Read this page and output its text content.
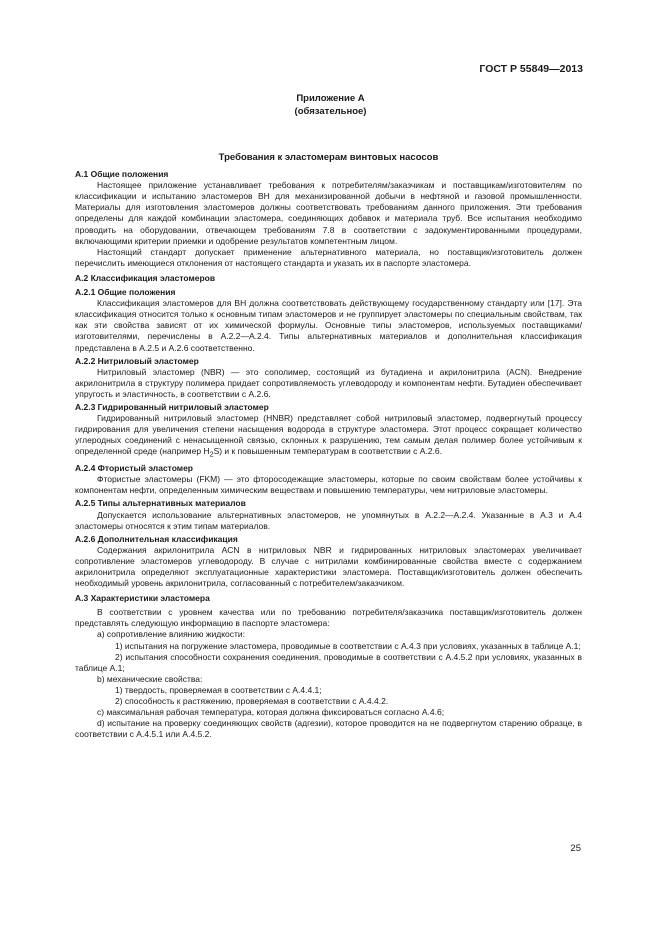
ГОСТ Р 55849—2013
Приложение А
(обязательное)
Требования к эластомерам винтовых насосов

А.1 Общие положения

Настоящее приложение устанавливает требования к потребителям/заказчикам и поставщикам/изготовителям по классификации и испытанию эластомеров ВН для механизированной добычи в нефтяной и газовой промышленности. Материалы для изготовления эластомеров должны соответствовать требованиям данного приложения. Эти требования определены для каждой комбинации эластомера, соединяющих добавок и материала труб. Все испытания необходимо проводить на оборудовании, отвечающем требованиям 7.8 в соответствии с задокументированными процедурами, включающими критерии приемки и одобрение результатов компетентным лицом.

Настоящий стандарт допускает применение альтернативного материала, но поставщик/изготовитель должен перечислить имеющиеся отклонения от настоящего стандарта и указать их в паспорте эластомера.

А.2 Классификация эластомеров

А.2.1 Общие положения

Классификация эластомеров для ВН должна соответствовать действующему государственному стандарту или [17]. Эта классификация относится только к основным типам эластомеров и не группирует эластомеры по специальным свойствам, так как эти свойства зависят от их химической формулы. Основные типы эластомеров, используемых поставщиками/изготовителями, перечислены в А.2.2—А.2.4. Типы альтернативных материалов и дополнительная классификация представлена в А.2.5 и А.2.6 соответственно.

А.2.2 Нитриловый эластомер

Нитриловый эластомер (NBR) — это сополимер, состоящий из бутадиена и акрилонитрила (ACN). Внедрение акрилонитрила в структуру полимера придает сопротивляемость углеводороду и компонентам нефти. Бутадиен обеспечивает упругость и эластичность, в соответствии с А.2.6.

А.2.3 Гидрированный нитриловый эластомер

Гидрированный нитриловый эластомер (HNBR) представляет собой нитриловый эластомер, подвергнутый процессу гидрирования для увеличения степени насыщения водорода в структуре эластомера. Этот процесс сокращает количество углеродных соединений с ненасыщенной связью, склонных к разрушению, тем самым делая полимер более устойчивым к определенной среде (например $H_2S$) и к повышенным температурам в соответствии с А.2.6.

А.2.4 Фтористый эластомер

Фтористые эластомеры (FKM) — это фторосодежащие эластомеры, которые по своим свойствам более устойчивы к компонентам нефти, определенным химическим веществам и повышению температуры, чем нитриловые эластомеры.

А.2.5 Типы альтернативных материалов

Допускается использование альтернативных эластомеров, не упомянутых в А.2.2—А.2.4. Указанные в А.3 и А.4 эластомеры относятся к этим типам материалов.

А.2.6 Дополнительная классификация

Содержания акрилонитрила ACN в нитриловых NBR и гидрированных нитриловых эластомерах увеличивает сопротивление эластомеров углеводороду. В случае с нитрилами комбинированные свойства вместе с содержанием акрилонитрила определяют эксплуатационные характеристики эластомера. Поставщик/изготовитель должен обеспечить необходимый уровень акрилонитрила, согласованный с потребителем/заказчиком.

А.3 Характеристики эластомера

В соответствии с уровнем качества или по требованию потребителя/заказчика поставщик/изготовитель должен представлять следующую информацию в паспорте эластомера:

а) сопротивление влиянию жидкости:

1) испытания на погружение эластомера, проводимые в соответствии с А.4.3 при условиях, указанных в таблице А.1;

2) испытания способности сохранения соединения, проводимые в соответствии с А.4.5.2 при условиях, указанных в таблице А.1;

b) механические свойства:

1) твердость, проверяемая в соответствии с А.4.4.1;

2) способность к растяжению, проверяемая в соответствии с А.4.4.2.

с) максимальная рабочая температура, которая должна фиксироваться согласно А.4.6;

d) испытание на проверку соединяющих свойств (адгезии), которое проводится на не подвергнутом старению образце, в соответствии с А.4.5.1 или А.4.5.2.

25
